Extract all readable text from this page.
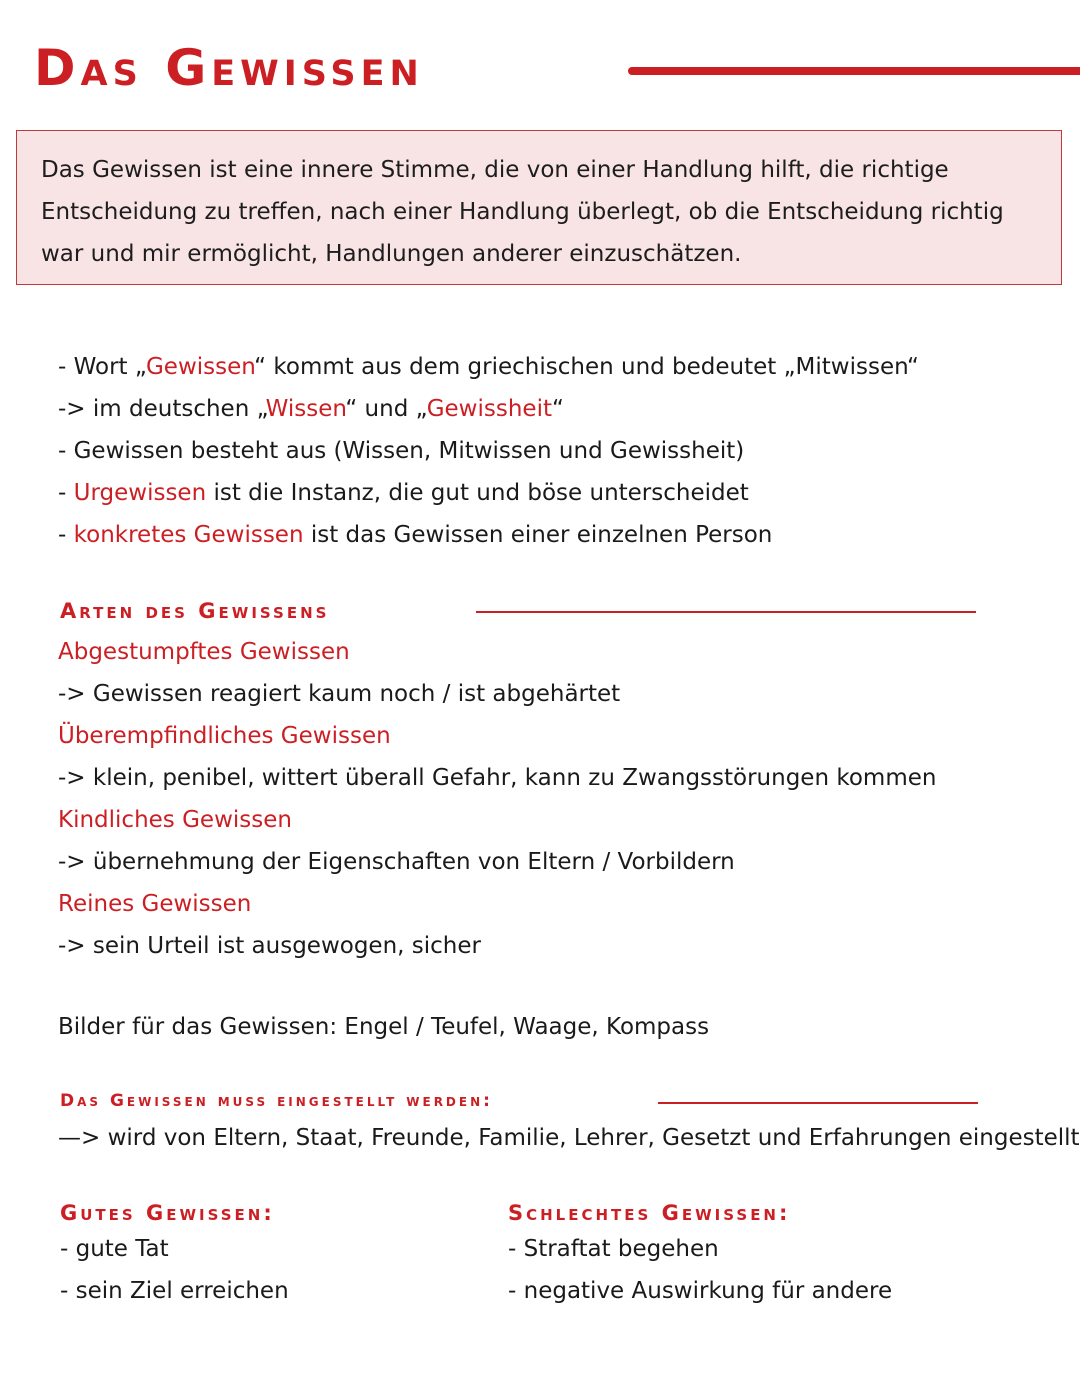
Das Gewissen
Das Gewissen ist eine innere Stimme, die von einer Handlung hilft, die richtige Entscheidung zu treffen, nach einer Handlung überlegt, ob die Entscheidung richtig war und mir ermöglicht, Handlungen anderer einzuschätzen.
- Wort „Gewissen“ kommt aus dem griechischen und bedeutet „Mitwissen“
-> im deutschen „Wissen“ und „Gewissheit“
- Gewissen besteht aus (Wissen, Mitwissen und Gewissheit)
- Urgewissen ist die Instanz, die gut und böse unterscheidet
- konkretes Gewissen ist das Gewissen einer einzelnen Person
Arten des Gewissens
Abgestumpftes Gewissen
-> Gewissen reagiert kaum noch / ist abgehärtet
Überempfindliches Gewissen
-> klein, penibel, wittert überall Gefahr, kann zu Zwangsstörungen kommen
Kindliches Gewissen
-> übernehmung der Eigenschaften von Eltern / Vorbildern
Reines Gewissen
-> sein Urteil ist ausgewogen, sicher
Bilder für das Gewissen: Engel / Teufel, Waage, Kompass
Das Gewissen muss eingestellt werden:
—> wird von Eltern, Staat, Freunde, Familie, Lehrer, Gesetzt und Erfahrungen eingestellt
Gutes Gewissen:
- gute Tat
- sein Ziel erreichen
Schlechtes Gewissen:
- Straftat begehen
- negative Auswirkung für andere
